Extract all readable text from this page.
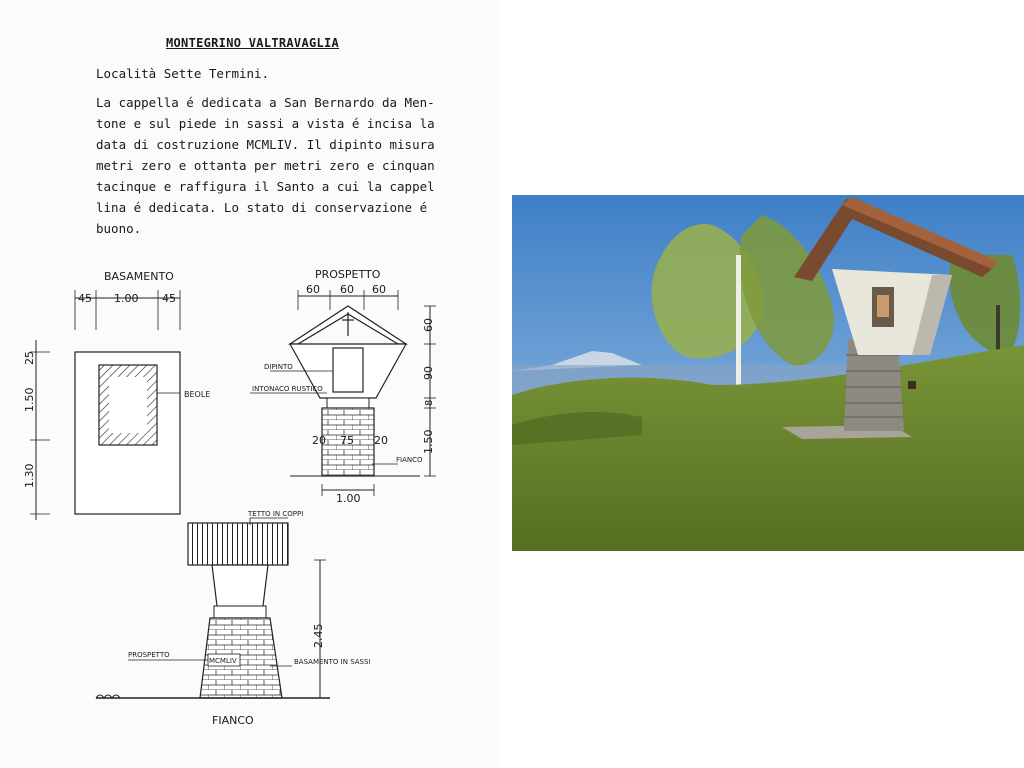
MONTEGRINO VALTRAVAGLIA
Località Sette Termini.
La cappella é dedicata a San Bernardo da Men-
tone e sul piede in sassi a vista é incisa la
data di costruzione MCMLIV. Il dipinto misura
metri zero e ottanta per metri zero e cinquan
tacinque e raffigura il Santo a cui la cappel
lina é dedicata. Lo stato di conservazione é
buono.
BASAMENTO
45 1.00 45
BEOLE
25
1.50
1.30
PROSPETTO
60 60 60
DIPINTO
INTONACO RUSTICO
20 75 20
FIANCO
1.00
60
90
8
1.50
TETTO IN COPPI
MCMLIV
PROSPETTO
BASAMENTO IN SASSI
2.45
FIANCO
